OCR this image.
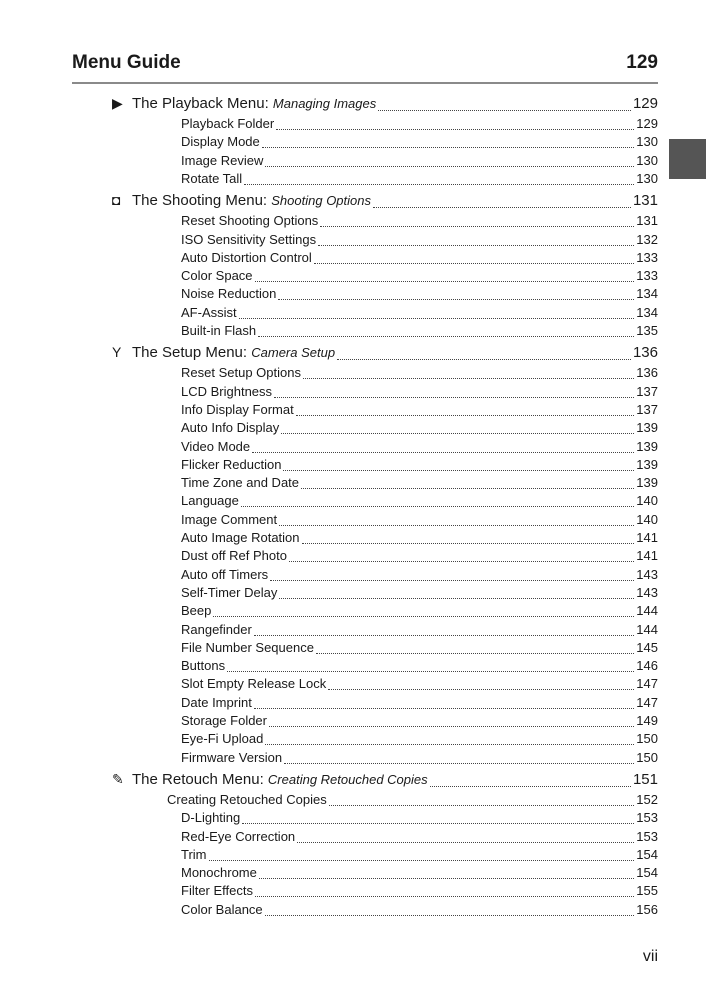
Menu Guide	129
▶ The Playback Menu: Managing Images	129
Playback Folder	129
Display Mode	130
Image Review	130
Rotate Tall	130
◘ The Shooting Menu: Shooting Options	131
Reset Shooting Options	131
ISO Sensitivity Settings	132
Auto Distortion Control	133
Color Space	133
Noise Reduction	134
AF-Assist	134
Built-in Flash	135
Y The Setup Menu: Camera Setup	136
Reset Setup Options	136
LCD Brightness	137
Info Display Format	137
Auto Info Display	139
Video Mode	139
Flicker Reduction	139
Time Zone and Date	139
Language	140
Image Comment	140
Auto Image Rotation	141
Dust off Ref Photo	141
Auto off Timers	143
Self-Timer Delay	143
Beep	144
Rangefinder	144
File Number Sequence	145
Buttons	146
Slot Empty Release Lock	147
Date Imprint	147
Storage Folder	149
Eye-Fi Upload	150
Firmware Version	150
✎ The Retouch Menu: Creating Retouched Copies	151
Creating Retouched Copies	152
D-Lighting	153
Red-Eye Correction	153
Trim	154
Monochrome	154
Filter Effects	155
Color Balance	156
vii
